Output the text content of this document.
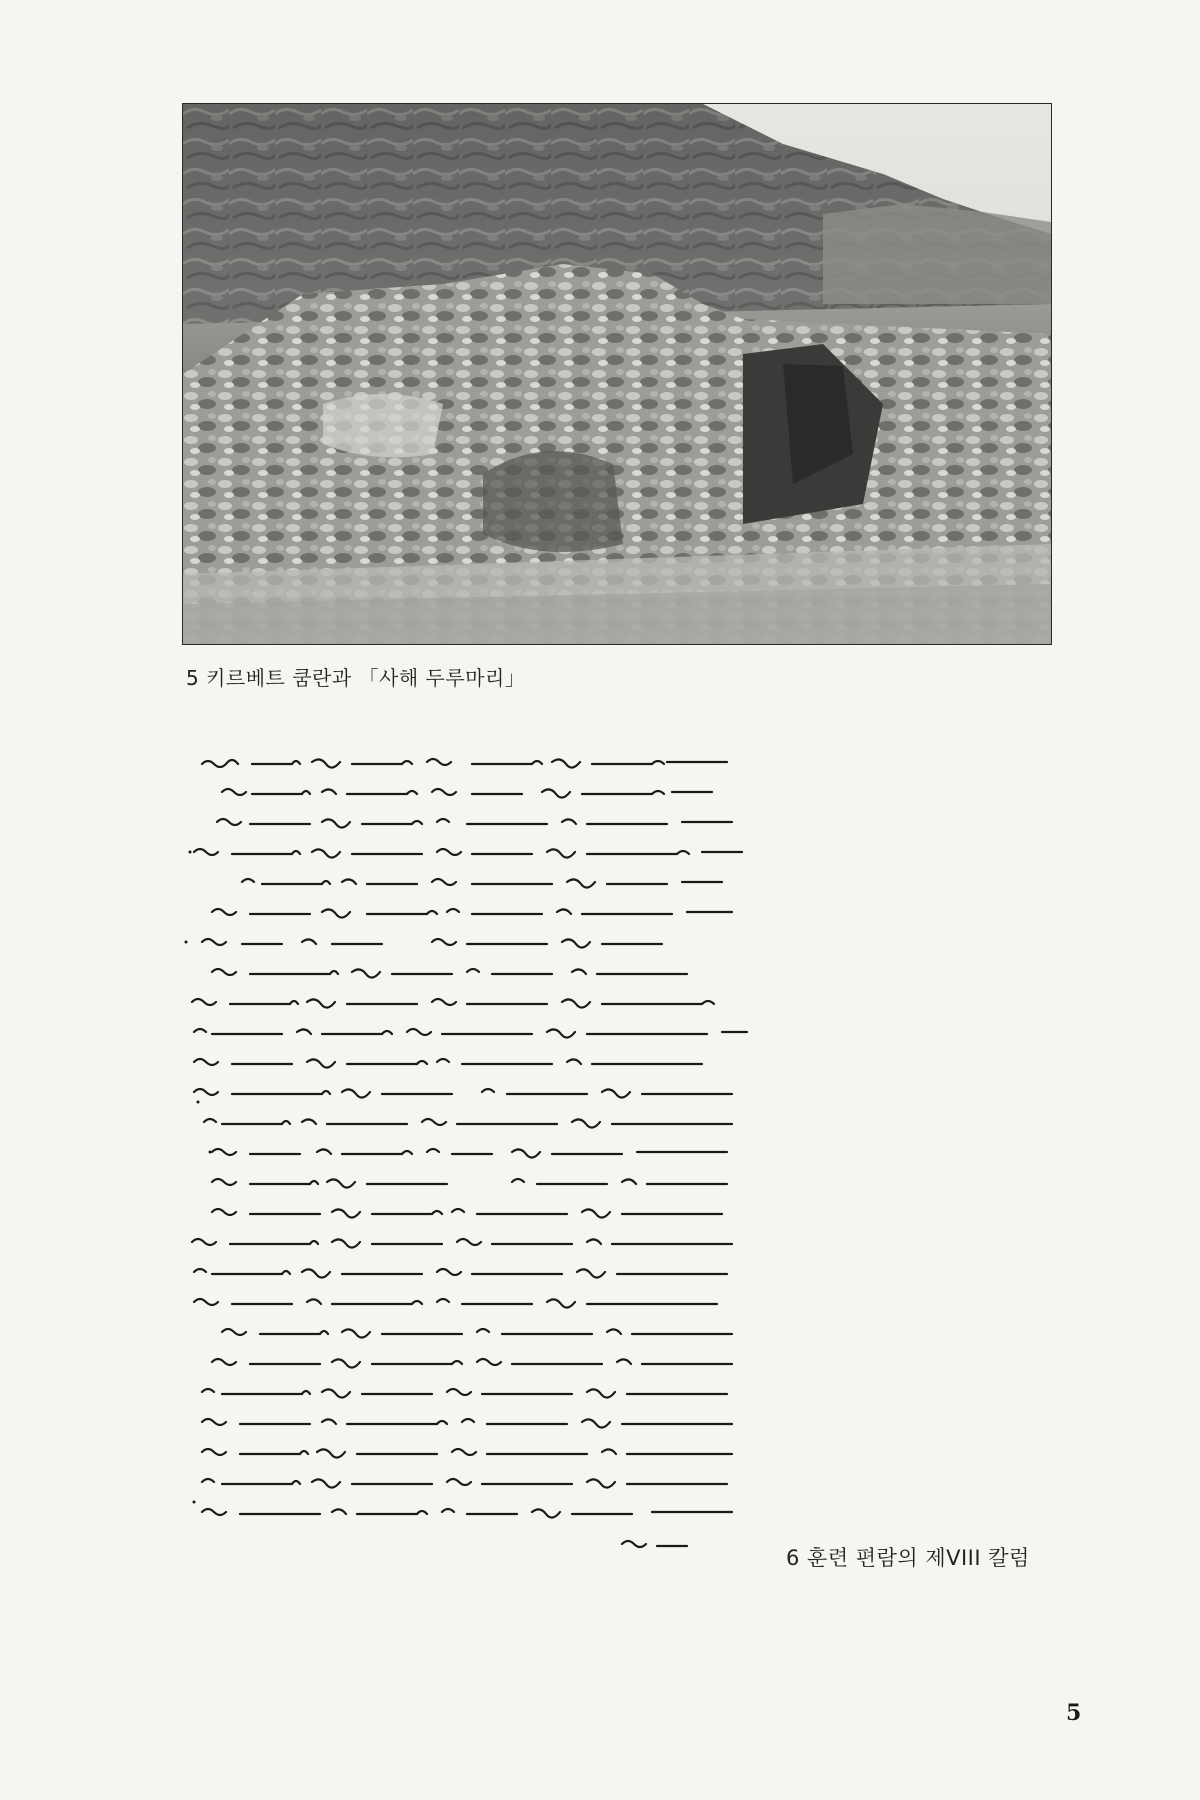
5 키르베트 쿰란과 「사해 두루마리」
6 훈련 편람의 제VIII 칼럼
5
